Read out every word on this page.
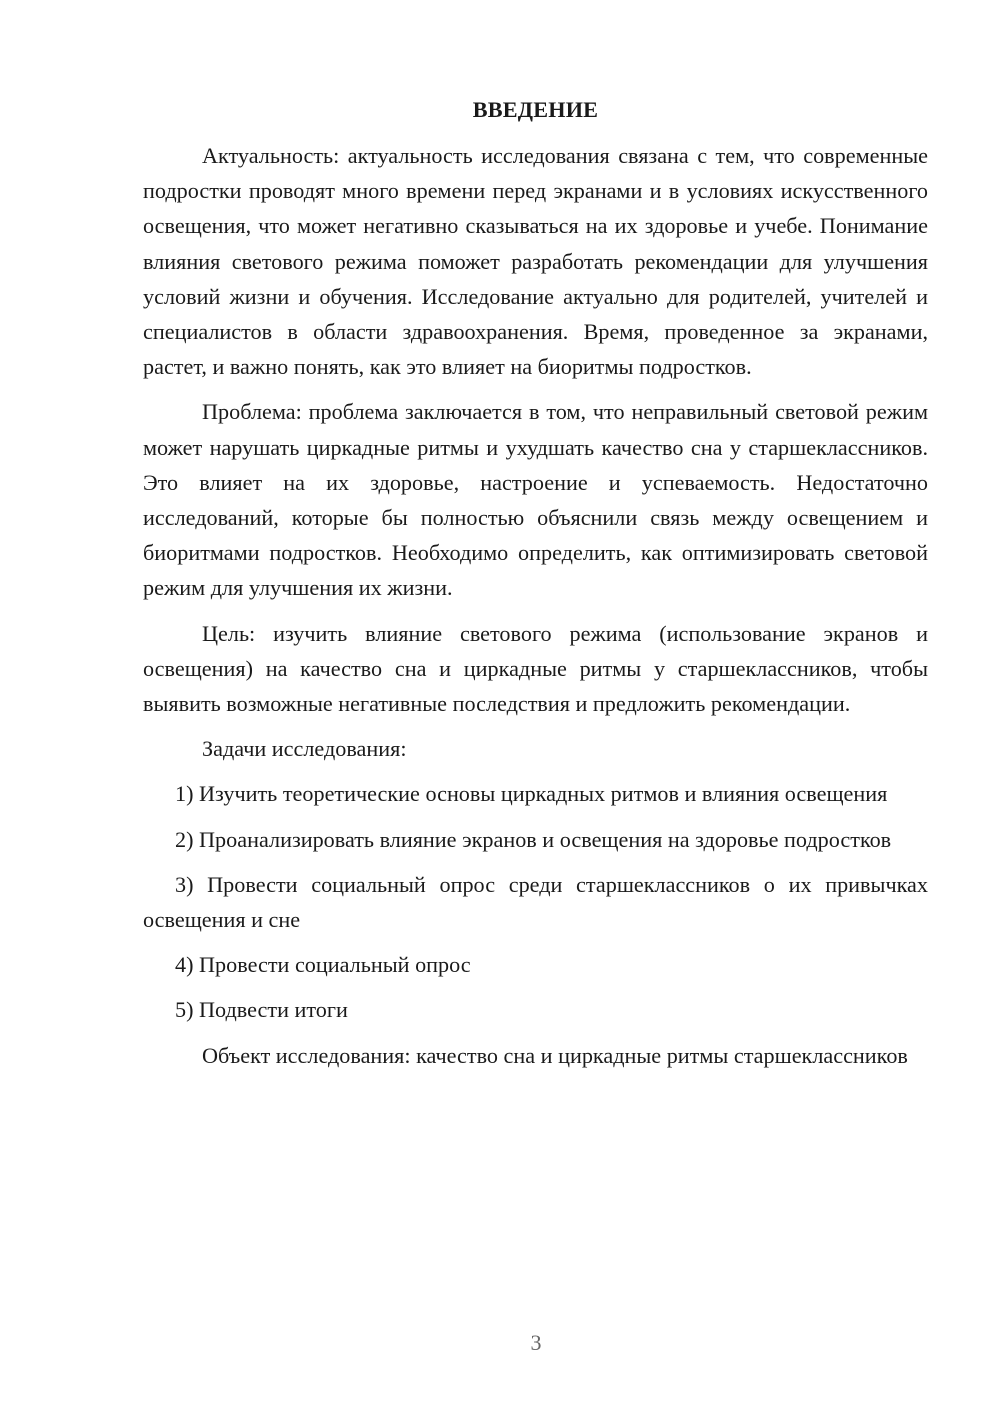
ВВЕДЕНИЕ

Актуальность: актуальность исследования связана с тем, что современные подростки проводят много времени перед экранами и в условиях искусственного освещения, что может негативно сказываться на их здоровье и учебе. Понимание влияния светового режима поможет разработать рекомендации для улучшения условий жизни и обучения. Исследование актуально для родителей, учителей и специалистов в области здравоохранения. Время, проведенное за экранами, растет, и важно понять, как это влияет на биоритмы подростков.

Проблема: проблема заключается в том, что неправильный световой режим может нарушать циркадные ритмы и ухудшать качество сна у старшеклассников. Это влияет на их здоровье, настроение и успеваемость. Недостаточно исследований, которые бы полностью объяснили связь между освещением и биоритмами подростков. Необходимо определить, как оптимизировать световой режим для улучшения их жизни.

Цель: изучить влияние светового режима (использование экранов и освещения) на качество сна и циркадные ритмы у старшеклассников, чтобы выявить возможные негативные последствия и предложить рекомендации.

Задачи исследования:

1) Изучить теоретические основы циркадных ритмов и влияния освещения

2) Проанализировать влияние экранов и освещения на здоровье подростков

3) Провести социальный опрос среди старшеклассников о их привычках освещения и сне

4) Провести социальный опрос

5) Подвести итоги

Объект исследования: качество сна и циркадные ритмы старшеклассников

3
